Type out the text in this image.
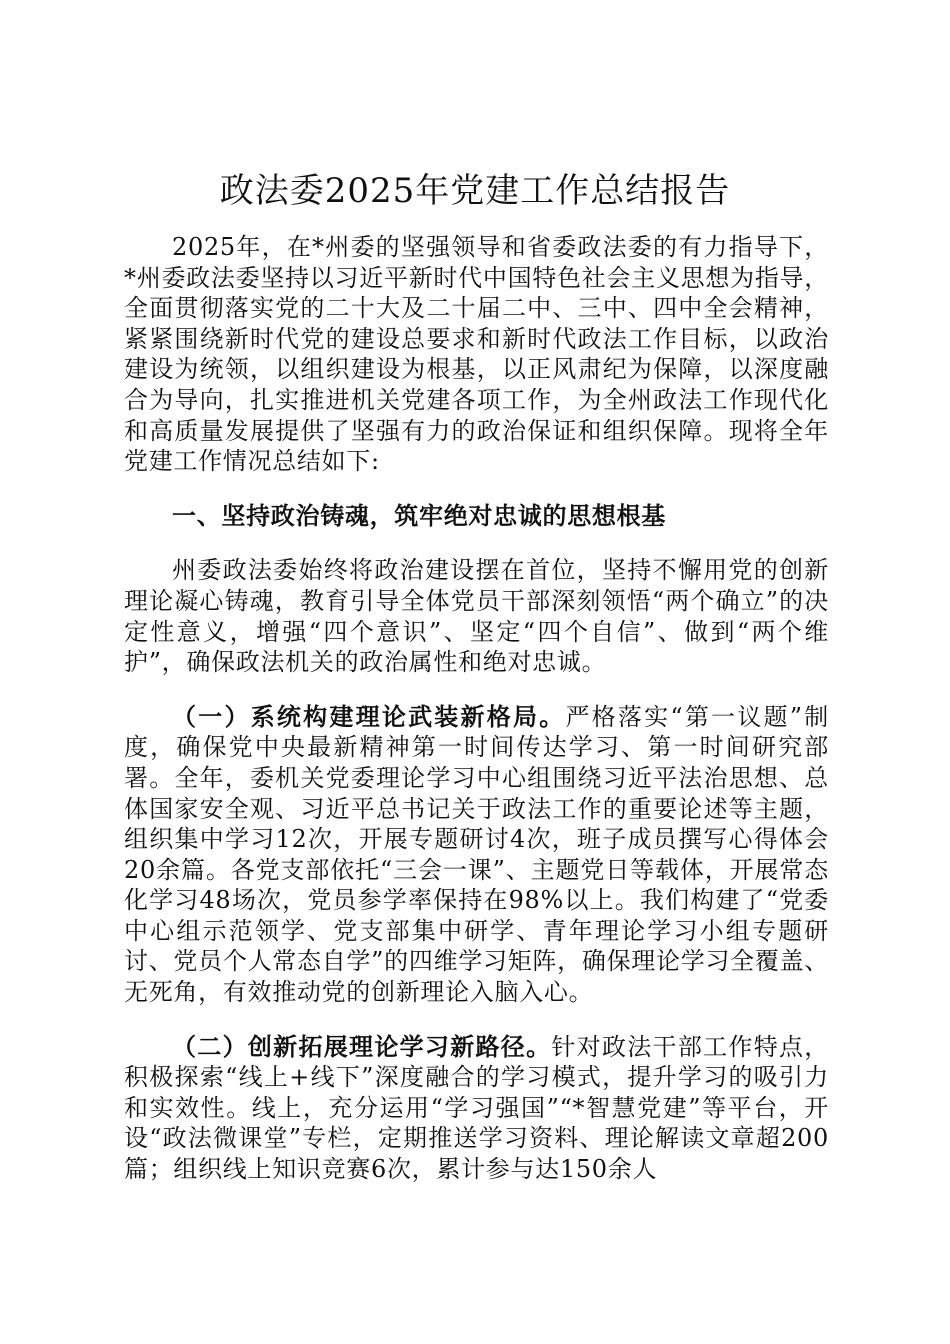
政法委2025年党建工作总结报告

2025年，在*州委的坚强领导和省委政法委的有力指导下，*州委政法委坚持以习近平新时代中国特色社会主义思想为指导，全面贯彻落实党的二十大及二十届二中、三中、四中全会精神，紧紧围绕新时代党的建设总要求和新时代政法工作目标，以政治建设为统领，以组织建设为根基，以正风肃纪为保障，以深度融合为导向，扎实推进机关党建各项工作，为全州政法工作现代化和高质量发展提供了坚强有力的政治保证和组织保障。现将全年党建工作情况总结如下:

一、坚持政治铸魂，筑牢绝对忠诚的思想根基

州委政法委始终将政治建设摆在首位，坚持不懈用党的创新理论凝心铸魂，教育引导全体党员干部深刻领悟“两个确立”的决定性意义，增强“四个意识”、坚定“四个自信”、做到“两个维护”，确保政法机关的政治属性和绝对忠诚。

（一）系统构建理论武装新格局。严格落实“第一议题”制度，确保党中央最新精神第一时间传达学习、第一时间研究部署。全年，委机关党委理论学习中心组围绕习近平法治思想、总体国家安全观、习近平总书记关于政法工作的重要论述等主题，组织集中学习12次，开展专题研讨4次，班子成员撰写心得体会20余篇。各党支部依托“三会一课”、主题党日等载体，开展常态化学习48场次，党员参学率保持在98%以上。我们构建了“党委中心组示范领学、党支部集中研学、青年理论学习小组专题研讨、党员个人常态自学”的四维学习矩阵，确保理论学习全覆盖、无死角，有效推动党的创新理论入脑入心。

（二）创新拓展理论学习新路径。针对政法干部工作特点，积极探索“线上+线下”深度融合的学习模式，提升学习的吸引力和实效性。线上，充分运用“学习强国”“*智慧党建”等平台，开设“政法微课堂”专栏，定期推送学习资料、理论解读文章超200篇；组织线上知识竞赛6次，累计参与达150余人
